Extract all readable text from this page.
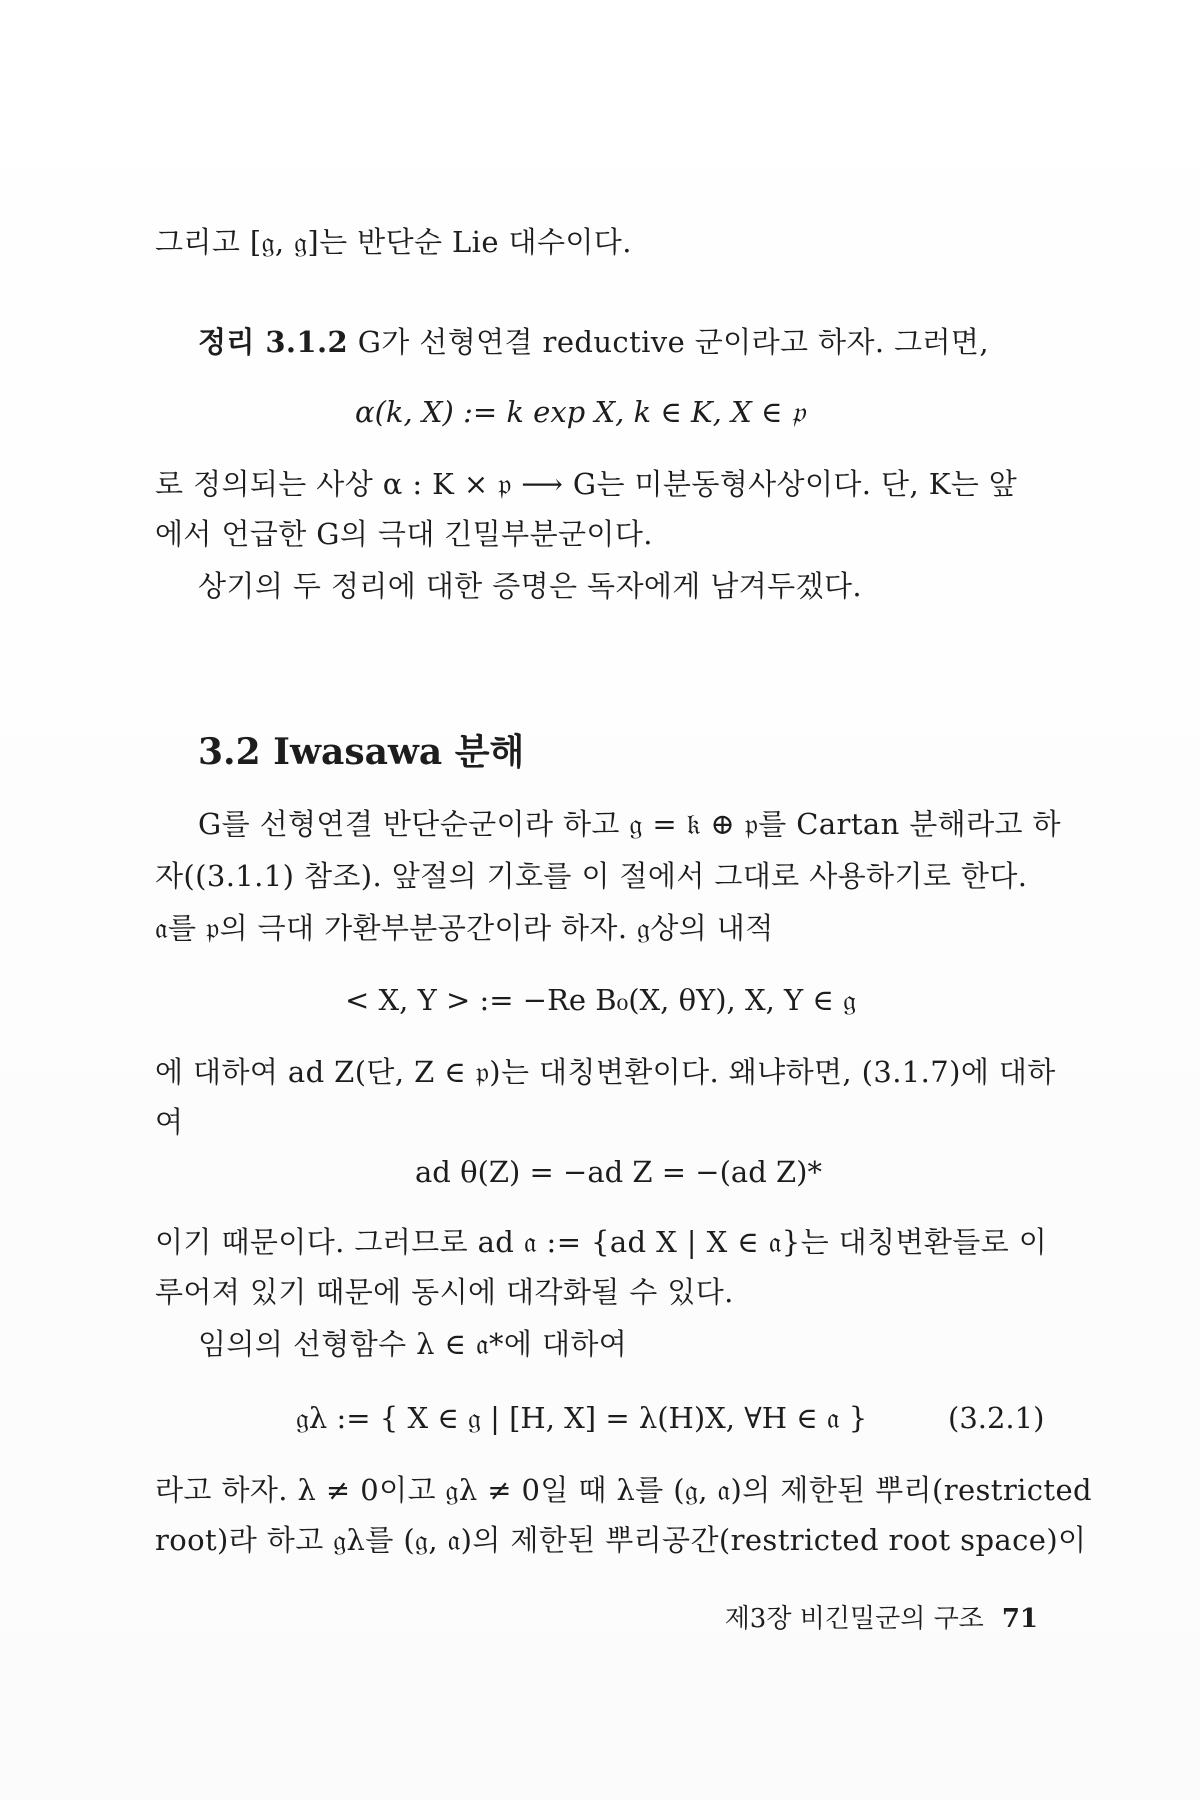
그리고 [𝔤, 𝔤]는 반단순 Lie 대수이다.
정리 3.1.2 G가 선형연결 reductive 군이라고 하자. 그러면,
α(k, X) := k exp X, k ∈ K, X ∈ 𝔭
로 정의되는 사상 α : K × 𝔭 ⟶ G는 미분동형사상이다. 단, K는 앞
에서 언급한 G의 극대 긴밀부분군이다.
상기의 두 정리에 대한 증명은 독자에게 남겨두겠다.
3.2 Iwasawa 분해
G를 선형연결 반단순군이라 하고 𝔤 = 𝔨 ⊕ 𝔭를 Cartan 분해라고 하
자((3.1.1) 참조). 앞절의 기호를 이 절에서 그대로 사용하기로 한다.
𝔞를 𝔭의 극대 가환부분공간이라 하자. 𝔤상의 내적
< X, Y > := −Re B₀(X, θY), X, Y ∈ 𝔤
에 대하여 ad Z(단, Z ∈ 𝔭)는 대칭변환이다. 왜냐하면, (3.1.7)에 대하
여
ad θ(Z) = −ad Z = −(ad Z)*
이기 때문이다. 그러므로 ad 𝔞 := {ad X | X ∈ 𝔞}는 대칭변환들로 이
루어져 있기 때문에 동시에 대각화될 수 있다.
임의의 선형함수 λ ∈ 𝔞*에 대하여
𝔤λ := { X ∈ 𝔤 | [H, X] = λ(H)X, ∀H ∈ 𝔞 }	(3.2.1)
라고 하자. λ ≠ 0이고 𝔤λ ≠ 0일 때 λ를 (𝔤, 𝔞)의 제한된 뿌리(restricted
root)라 하고 𝔤λ를 (𝔤, 𝔞)의 제한된 뿌리공간(restricted root space)이
제3장 비긴밀군의 구조 71
